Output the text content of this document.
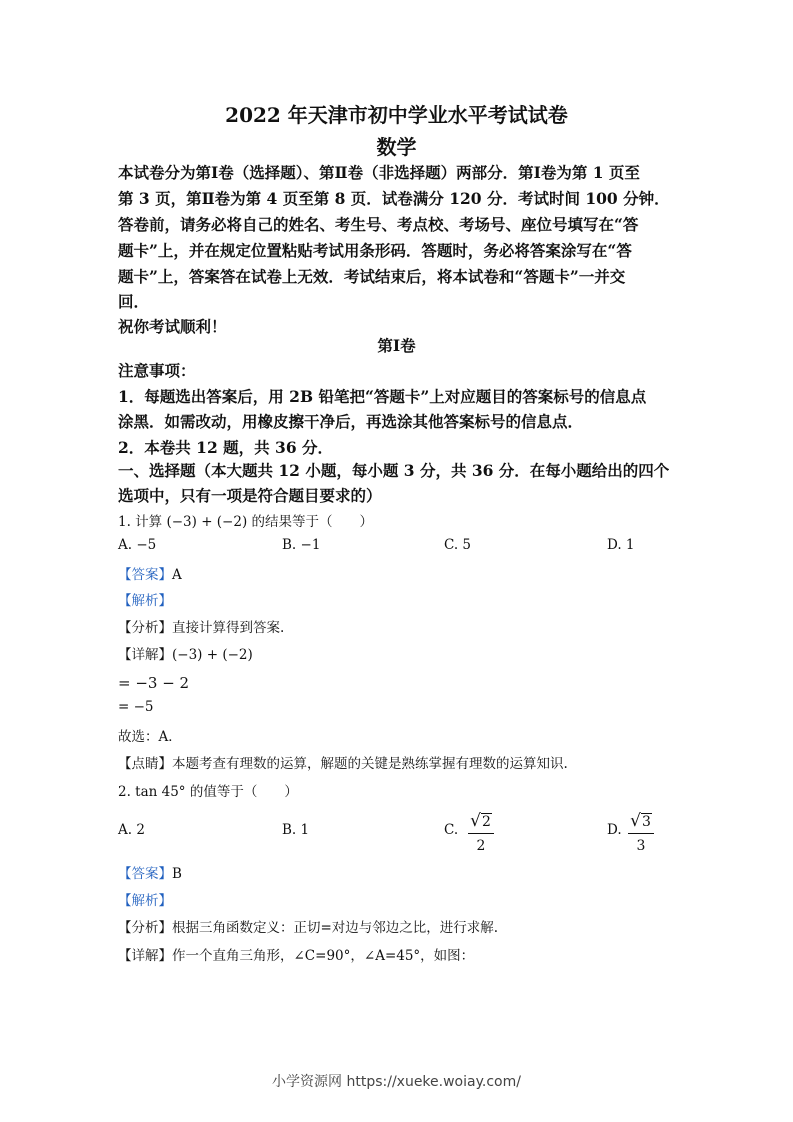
2022 年天津市初中学业水平考试试卷
数学
本试卷分为第Ⅰ卷（选择题）、第Ⅱ卷（非选择题）两部分．第Ⅰ卷为第 1 页至
第 3 页，第Ⅱ卷为第 4 页至第 8 页．试卷满分 120 分．考试时间 100 分钟．
答卷前，请务必将自己的姓名、考生号、考点校、考场号、座位号填写在“答
题卡”上，并在规定位置粘贴考试用条形码．答题时，务必将答案涂写在“答
题卡”上，答案答在试卷上无效．考试结束后，将本试卷和“答题卡”一并交
回．
祝你考试顺利！
第Ⅰ卷
注意事项：
1．每题选出答案后，用 2B 铅笔把“答题卡”上对应题目的答案标号的信息点
涂黑．如需改动，用橡皮擦干净后，再选涂其他答案标号的信息点．
2．本卷共 12 题，共 36 分．
一、选择题（本大题共 12 小题，每小题 3 分，共 36 分．在每小题给出的四个
选项中，只有一项是符合题目要求的）
1. 计算 (−3) + (−2) 的结果等于（　　）
A. −5	B. −1	C. 5	D. 1
【答案】A
【解析】
【分析】直接计算得到答案.
【详解】(−3) + (−2)
= −3 − 2
= −5
故选：A．
【点睛】本题考查有理数的运算，解题的关键是熟练掌握有理数的运算知识.
2. tan 45° 的值等于（　　）
A. 2	B. 1	C. $\frac{√2}{2}$	D. $\frac{√3}{3}$
【答案】B
【解析】
【分析】根据三角函数定义：正切=对边与邻边之比，进行求解.
【详解】作一个直角三角形，∠C=90°，∠A=45°，如图：
小学资源网 https://xueke.woiay.com/
